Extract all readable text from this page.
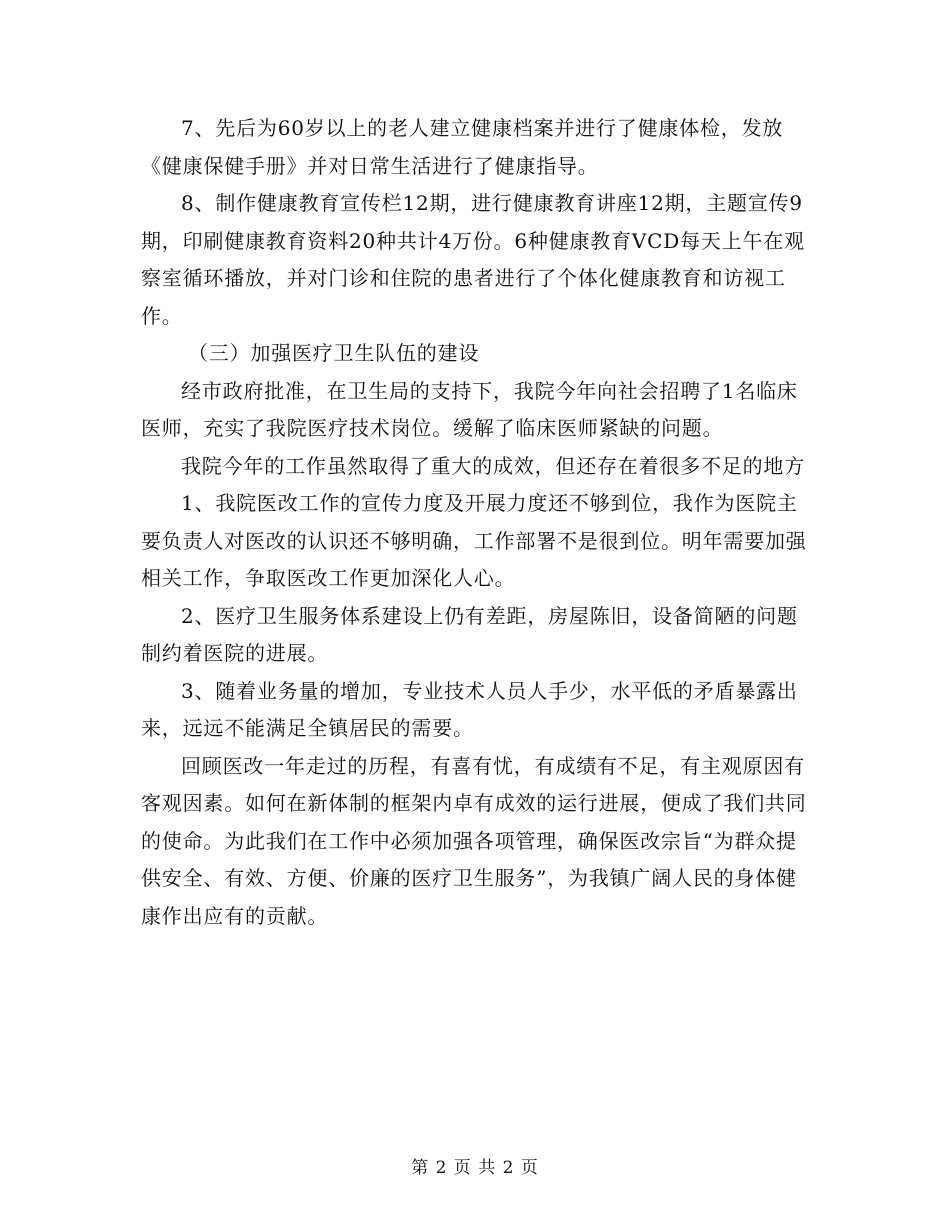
7、先后为60岁以上的老人建立健康档案并进行了健康体检，发放《健康保健手册》并对日常生活进行了健康指导。

8、制作健康教育宣传栏12期，进行健康教育讲座12期，主题宣传9期，印刷健康教育资料20种共计4万份。6种健康教育VCD每天上午在观察室循环播放，并对门诊和住院的患者进行了个体化健康教育和访视工作。

（三）加强医疗卫生队伍的建设

经市政府批准，在卫生局的支持下，我院今年向社会招聘了1名临床医师，充实了我院医疗技术岗位。缓解了临床医师紧缺的问题。

我院今年的工作虽然取得了重大的成效，但还存在着很多不足的地方

1、我院医改工作的宣传力度及开展力度还不够到位，我作为医院主要负责人对医改的认识还不够明确，工作部署不是很到位。明年需要加强相关工作，争取医改工作更加深化人心。

2、医疗卫生服务体系建设上仍有差距，房屋陈旧，设备简陋的问题制约着医院的进展。

3、随着业务量的增加，专业技术人员人手少，水平低的矛盾暴露出来，远远不能满足全镇居民的需要。

回顾医改一年走过的历程，有喜有忧，有成绩有不足，有主观原因有客观因素。如何在新体制的框架内卓有成效的运行进展，便成了我们共同的使命。为此我们在工作中必须加强各项管理，确保医改宗旨“为群众提供安全、有效、方便、价廉的医疗卫生服务”，为我镇广阔人民的身体健康作出应有的贡献。

第 2 页 共 2 页
